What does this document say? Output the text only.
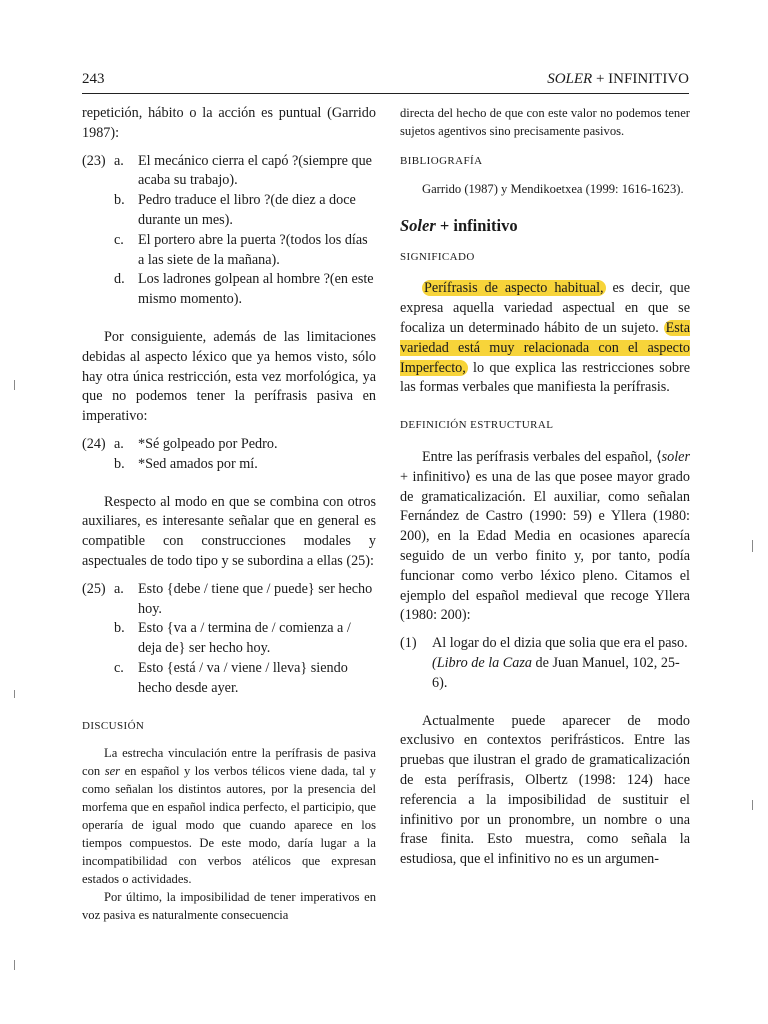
243	SOLER + INFINITIVO

repetición, hábito o la acción es puntual (Garrido 1987):

(23) a. El mecánico cierra el capó ?(siempre que acaba su trabajo).
b. Pedro traduce el libro ?(de diez a doce durante un mes).
c. El portero abre la puerta ?(todos los días a las siete de la mañana).
d. Los ladrones golpean al hombre ?(en este mismo momento).

Por consiguiente, además de las limitaciones debidas al aspecto léxico que ya hemos visto, sólo hay otra única restricción, esta vez morfológica, ya que no podemos tener la perífrasis pasiva en imperativo:

(24) a. *Sé golpeado por Pedro.
b. *Sed amados por mí.

Respecto al modo en que se combina con otros auxiliares, es interesante señalar que en general es compatible con construcciones modales y aspectuales de todo tipo y se subordina a ellas (25):

(25) a. Esto {debe / tiene que / puede} ser hecho hoy.
b. Esto {va a / termina de / comienza a / deja de} ser hecho hoy.
c. Esto {está / va / viene / lleva} siendo hecho desde ayer.

DISCUSIÓN

La estrecha vinculación entre la perífrasis de pasiva con ser en español y los verbos télicos viene dada, tal y como señalan los distintos autores, por la presencia del morfema que en español indica perfecto, el participio, que operaría de igual modo que cuando aparece en los tiempos compuestos. De este modo, daría lugar a la incompatibilidad con verbos atélicos que expresan estados o actividades.

Por último, la imposibilidad de tener imperativos en voz pasiva es naturalmente consecuencia

directa del hecho de que con este valor no podemos tener sujetos agentivos sino precisamente pasivos.

BIBLIOGRAFÍA

Garrido (1987) y Mendikoetxea (1999: 1616-1623).

Soler + infinitivo

SIGNIFICADO

Perífrasis de aspecto habitual, es decir, que expresa aquella variedad aspectual en que se focaliza un determinado hábito de un sujeto. Esta variedad está muy relacionada con el aspecto Imperfecto, lo que explica las restricciones sobre las formas verbales que manifiesta la perífrasis.

DEFINICIÓN ESTRUCTURAL

Entre las perífrasis verbales del español, ⟨soler + infinitivo⟩ es una de las que posee mayor grado de gramaticalización. El auxiliar, como señalan Fernández de Castro (1990: 59) e Yllera (1980: 200), en la Edad Media en ocasiones aparecía seguido de un verbo finito y, por tanto, podía funcionar como verbo léxico pleno. Citamos el ejemplo del español medieval que recoge Yllera (1980: 200):

(1)	Al logar do el dizia que solia que era el paso. (Libro de la Caza de Juan Manuel, 102, 25-6).

Actualmente puede aparecer de modo exclusivo en contextos perifrásticos. Entre las pruebas que ilustran el grado de gramaticalización de esta perífrasis, Olbertz (1998: 124) hace referencia a la imposibilidad de sustituir el infinitivo por un pronombre, un nombre o una frase finita. Esto muestra, como señala la estudiosa, que el infinitivo no es un argumen-
